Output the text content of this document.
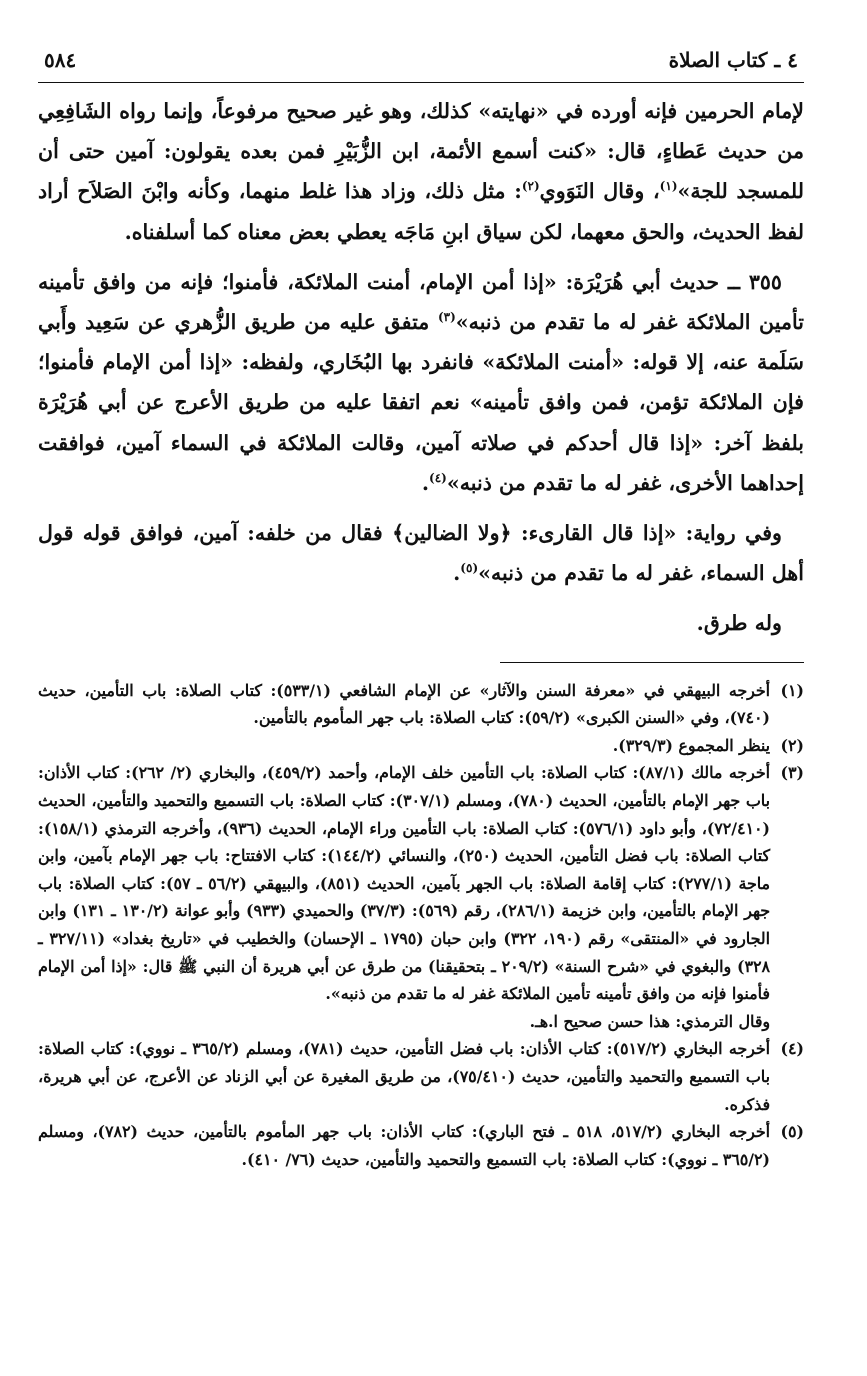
٤ ـ كتاب الصلاة
٥٨٤

لإمام الحرمين فإنه أورده في «نهايته» كذلك، وهو غير صحيح مرفوعاً، وإنما رواه الشَافِعِي من حديث عَطاءٍ، قال: «كنت أسمع الأئمة، ابن الزُّبَيْرِ فمن بعده يقولون: آمين حتى أن للمسجد للجة»$^{(١)}$، وقال النَوَوي$^{(٢)}$: مثل ذلك، وزاد هذا غلط منهما، وكأنه وابْنَ الصَلاَح أراد لفظ الحديث، والحق معهما، لكن سياق ابنِ مَاجَه يعطي بعض معناه كما أسلفناه.

٣٥٥ ــ حديث أبي هُرَيْرَة: «إذا أمن الإمام، أمنت الملائكة، فأمنوا؛ فإنه من وافق تأمينه تأمين الملائكة غفر له ما تقدم من ذنبه»$^{(٣)}$ متفق عليه من طريق الزُّهري عن سَعِيد وأَبي سَلَمة عنه، إلا قوله: «أمنت الملائكة» فانفرد بها البُخَاري، ولفظه: «إذا أمن الإمام فأمنوا؛ فإن الملائكة تؤمن، فمن وافق تأمينه» نعم اتفقا عليه من طريق الأعرج عن أبي هُرَيْرَة بلفظ آخر: «إذا قال أحدكم في صلاته آمين، وقالت الملائكة في السماء آمين، فوافقت إحداهما الأخرى، غفر له ما تقدم من ذنبه»$^{(٤)}$.

وفي رواية: «إذا قال القارىء: ﴿ولا الضالين﴾ فقال من خلفه: آمين، فوافق قوله قول أهل السماء، غفر له ما تقدم من ذنبه»$^{(٥)}$.

وله طرق.

(١)
أخرجه البيهقي في «معرفة السنن والآثار» عن الإمام الشافعي (٥٣٣/١): كتاب الصلاة: باب التأمين، حديث (٧٤٠)، وفي «السنن الكبرى» (٥٩/٢): كتاب الصلاة: باب جهر المأموم بالتأمين.
(٢)
ينظر المجموع (٣٢٩/٣).
(٣)
أخرجه مالك (٨٧/١): كتاب الصلاة: باب التأمين خلف الإمام، وأحمد (٤٥٩/٢)، والبخاري (٢/ ٢٦٢): كتاب الأذان: باب جهر الإمام بالتأمين، الحديث (٧٨٠)، ومسلم (٣٠٧/١): كتاب الصلاة: باب التسميع والتحميد والتأمين، الحديث (٧٢/٤١٠)، وأبو داود (٥٧٦/١): كتاب الصلاة: باب التأمين وراء الإمام، الحديث (٩٣٦)، وأخرجه الترمذي (١٥٨/١): كتاب الصلاة: باب فضل التأمين، الحديث (٢٥٠)، والنسائي (١٤٤/٢): كتاب الافتتاح: باب جهر الإمام بآمين، وابن ماجة (٢٧٧/١): كتاب إقامة الصلاة: باب الجهر بآمين، الحديث (٨٥١)، والبيهقي (٥٦/٢ ـ ٥٧): كتاب الصلاة: باب جهر الإمام بالتأمين، وابن خزيمة (٢٨٦/١)، رقم (٥٦٩): (٣٧/٣) والحميدي (٩٣٣) وأبو عوانة (١٣٠/٢ ـ ١٣١) وابن الجارود في «المنتقى» رقم (١٩٠، ٣٢٢) وابن حبان (١٧٩٥ ـ الإحسان) والخطيب في «تاريخ بغداد» (٣٢٧/١١ ـ ٣٢٨) والبغوي في «شرح السنة» (٢٠٩/٢ ـ بتحقيقنا) من طرق عن أبي هريرة أن النبي ﷺ قال: «إذا أمن الإمام فأمنوا فإنه من وافق تأمينه تأمين الملائكة غفر له ما تقدم من ذنبه».
وقال الترمذي: هذا حسن صحيح ا.هـ.
(٤)
أخرجه البخاري (٥١٧/٢): كتاب الأذان: باب فضل التأمين، حديث (٧٨١)، ومسلم (٣٦٥/٢ ـ نووي): كتاب الصلاة: باب التسميع والتحميد والتأمين، حديث (٧٥/٤١٠)، من طريق المغيرة عن أبي الزناد عن الأعرج، عن أبي هريرة، فذكره.
(٥)
أخرجه البخاري (٥١٧/٢، ٥١٨ ـ فتح الباري): كتاب الأذان: باب جهر المأموم بالتأمين، حديث (٧٨٢)، ومسلم (٣٦٥/٢ ـ نووي): كتاب الصلاة: باب التسميع والتحميد والتأمين، حديث (٧٦/ ٤١٠).
